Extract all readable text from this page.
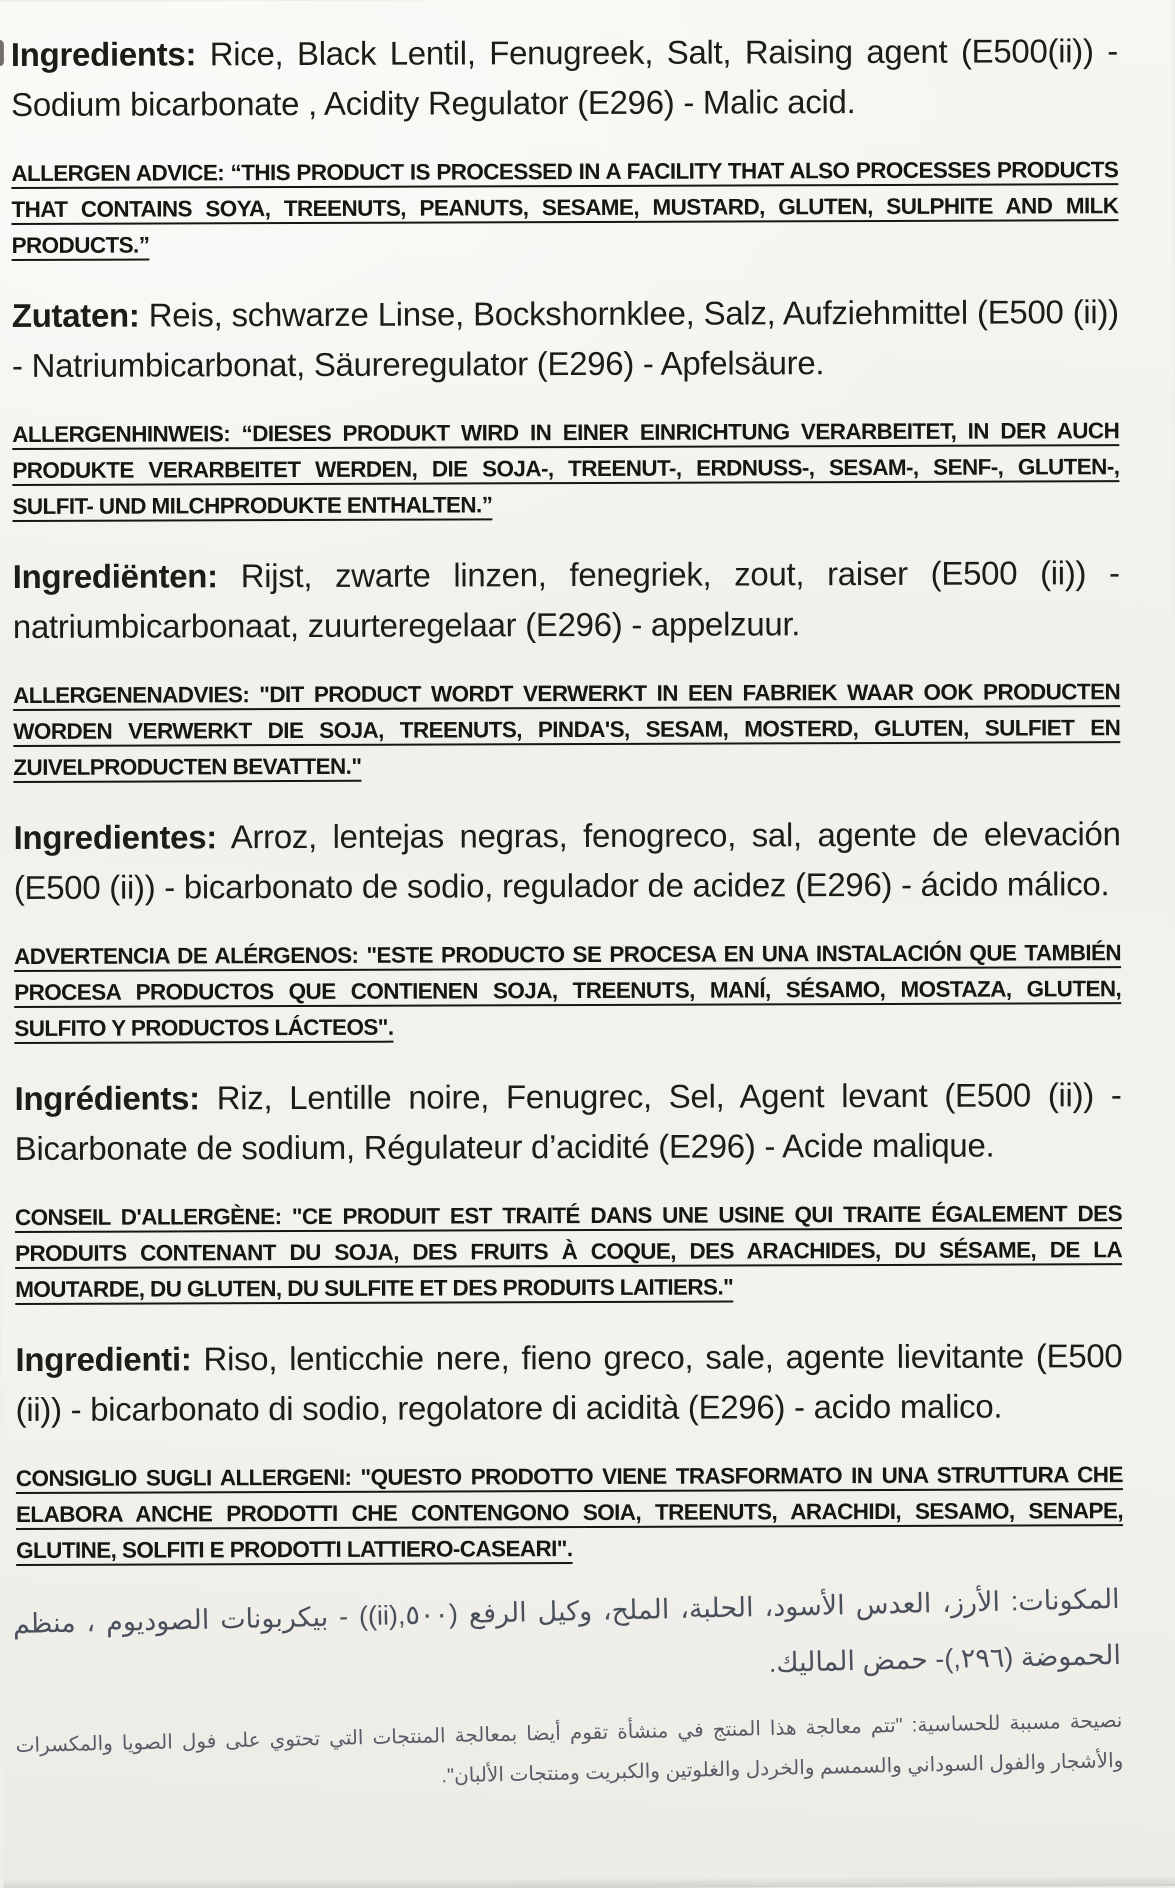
Ingredients: Rice, Black Lentil, Fenugreek, Salt, Raising agent (E500(ii)) - Sodium bicarbonate , Acidity Regulator (E296) - Malic acid.

ALLERGEN ADVICE: “THIS PRODUCT IS PROCESSED IN A FACILITY THAT ALSO PROCESSES PRODUCTS THAT CONTAINS SOYA, TREENUTS, PEANUTS, SESAME, MUSTARD, GLUTEN, SULPHITE AND MILK PRODUCTS.”

Zutaten: Reis, schwarze Linse, Bockshornklee, Salz, Aufziehmittel (E500 (ii)) - Natriumbicarbonat, Säureregulator (E296) - Apfelsäure.

ALLERGENHINWEIS: “DIESES PRODUKT WIRD IN EINER EINRICHTUNG VERARBEITET, IN DER AUCH PRODUKTE VERARBEITET WERDEN, DIE SOJA-, TREENUT-, ERDNUSS-, SESAM-, SENF-, GLUTEN-, SULFIT- UND MILCHPRODUKTE ENTHALTEN.”

Ingrediënten: Rijst, zwarte linzen, fenegriek, zout, raiser (E500 (ii)) - natriumbicarbonaat, zuurteregelaar (E296) - appelzuur.

ALLERGENENADVIES: "DIT PRODUCT WORDT VERWERKT IN EEN FABRIEK WAAR OOK PRODUCTEN WORDEN VERWERKT DIE SOJA, TREENUTS, PINDA'S, SESAM, MOSTERD, GLUTEN, SULFIET EN ZUIVELPRODUCTEN BEVATTEN."

Ingredientes: Arroz, lentejas negras, fenogreco, sal, agente de elevación (E500 (ii)) - bicarbonato de sodio, regulador de acidez (E296) - ácido málico.

ADVERTENCIA DE ALÉRGENOS: "ESTE PRODUCTO SE PROCESA EN UNA INSTALACIÓN QUE TAMBIÉN PROCESA PRODUCTOS QUE CONTIENEN SOJA, TREENUTS, MANÍ, SÉSAMO, MOSTAZA, GLUTEN, SULFITO Y PRODUCTOS LÁCTEOS".

Ingrédients: Riz, Lentille noire, Fenugrec, Sel, Agent levant (E500 (ii)) - Bicarbonate de sodium, Régulateur d’acidité (E296) - Acide malique.

CONSEIL D'ALLERGÈNE: "CE PRODUIT EST TRAITÉ DANS UNE USINE QUI TRAITE ÉGALEMENT DES PRODUITS CONTENANT DU SOJA, DES FRUITS À COQUE, DES ARACHIDES, DU SÉSAME, DE LA MOUTARDE, DU GLUTEN, DU SULFITE ET DES PRODUITS LAITIERS."

Ingredienti: Riso, lenticchie nere, fieno greco, sale, agente lievitante (E500 (ii)) - bicarbonato di sodio, regolatore di acidità (E296) - acido malico.

CONSIGLIO SUGLI ALLERGENI: "QUESTO PRODOTTO VIENE TRASFORMATO IN UNA STRUTTURA CHE ELABORA ANCHE PRODOTTI CHE CONTENGONO SOIA, TREENUTS, ARACHIDI, SESAMO, SENAPE, GLUTINE, SOLFITI E PRODOTTI LATTIERO-CASEARI".

المكونات: الأرز، العدس الأسود، الحلبة، الملح، وكيل الرفع (٥٠٠,(ii)) - بيكربونات الصوديوم ، منظم الحموضة (٢٩٦,)- حمض الماليك.

نصيحة مسببة للحساسية: "تتم معالجة هذا المنتج في منشأة تقوم أيضا بمعالجة المنتجات التي تحتوي على فول الصويا والمكسرات والأشجار والفول السوداني والسمسم والخردل والغلوتين والكبريت ومنتجات الألبان".
